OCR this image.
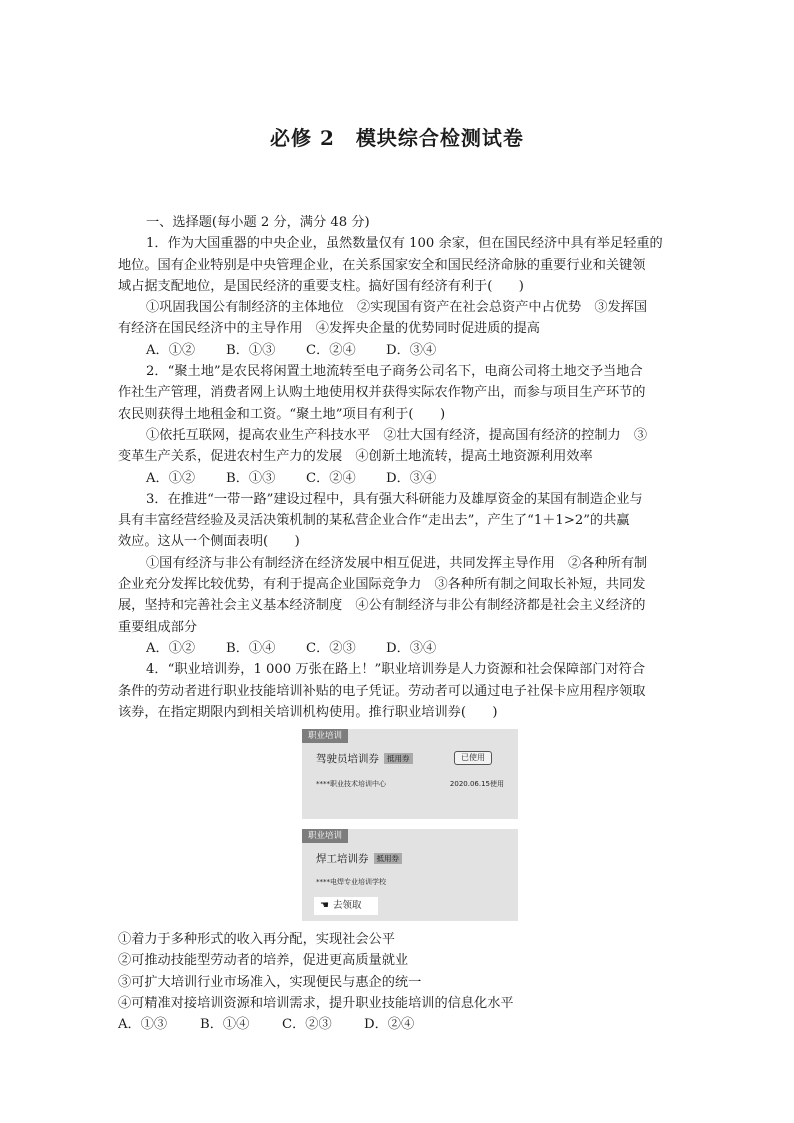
必修 2　模块综合检测试卷
一、选择题(每小题 2 分，满分 48 分)
1．作为大国重器的中央企业，虽然数量仅有 100 余家，但在国民经济中具有举足轻重的
地位。国有企业特别是中央管理企业，在关系国家安全和国民经济命脉的重要行业和关键领
域占据支配地位，是国民经济的重要支柱。搞好国有经济有利于(　　)
①巩固我国公有制经济的主体地位　②实现国有资产在社会总资产中占优势　③发挥国
有经济在国民经济中的主导作用　④发挥央企量的优势同时促进质的提高
A．①② B．①③ C．②④ D．③④
2．“聚土地”是农民将闲置土地流转至电子商务公司名下，电商公司将土地交予当地合
作社生产管理，消费者网上认购土地使用权并获得实际农作物产出，而参与项目生产环节的
农民则获得土地租金和工资。“聚土地”项目有利于(　　)
①依托互联网，提高农业生产科技水平　②壮大国有经济，提高国有经济的控制力　③
变革生产关系，促进农村生产力的发展　④创新土地流转，提高土地资源利用效率
A．①② B．①③ C．②④ D．③④
3．在推进“一带一路”建设过程中，具有强大科研能力及雄厚资金的某国有制造企业与
具有丰富经营经验及灵活决策机制的某私营企业合作“走出去”，产生了“1＋1>2”的共赢
效应。这从一个侧面表明(　　)
①国有经济与非公有制经济在经济发展中相互促进，共同发挥主导作用　②各种所有制
企业充分发挥比较优势，有利于提高企业国际竞争力　③各种所有制之间取长补短，共同发
展，坚持和完善社会主义基本经济制度　④公有制经济与非公有制经济都是社会主义经济的
重要组成部分
A．①② B．①④ C．②③ D．③④
4．“职业培训券，1 000 万张在路上！”职业培训券是人力资源和社会保障部门对符合
条件的劳动者进行职业技能培训补贴的电子凭证。劳动者可以通过电子社保卡应用程序领取
该券，在指定期限内到相关培训机构使用。推行职业培训券(　　)
职业培训
驾驶员培训券 抵用券	已使用
****职业技术培训中心	2020.06.15使用
职业培训
焊工培训券 抵用券
****电焊专业培训学校
☚ 去领取
①着力于多种形式的收入再分配，实现社会公平
②可推动技能型劳动者的培养，促进更高质量就业
③可扩大培训行业市场准入，实现便民与惠企的统一
④可精准对接培训资源和培训需求，提升职业技能培训的信息化水平
A．①③ B．①④ C．②③ D．②④
